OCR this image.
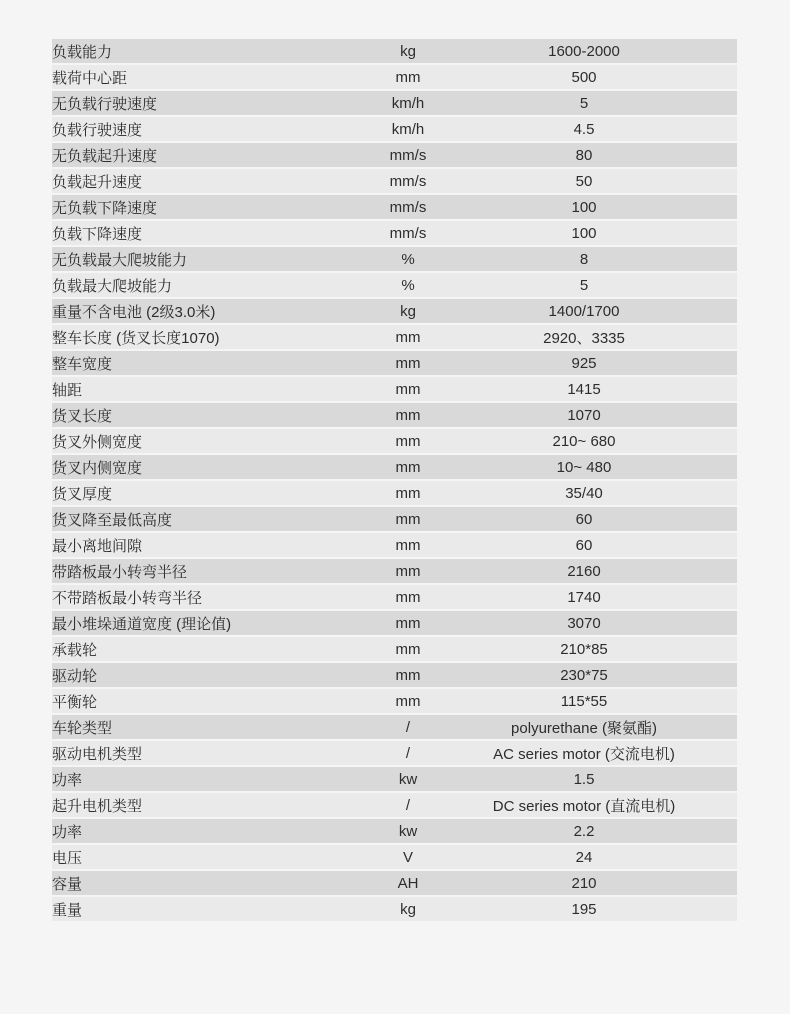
负载能力	kg	1600-2000
载荷中心距	mm	500
无负载行驶速度	km/h	5
负载行驶速度	km/h	4.5
无负载起升速度	mm/s	80
负载起升速度	mm/s	50
无负载下降速度	mm/s	100
负载下降速度	mm/s	100
无负载最大爬坡能力	%	8
负载最大爬坡能力	%	5
重量不含电池 (2级3.0米)	kg	1400/1700
整车长度 (货叉长度1070)	mm	2920、3335
整车宽度	mm	925
轴距	mm	1415
货叉长度	mm	1070
货叉外侧宽度	mm	210~ 680
货叉内侧宽度	mm	10~ 480
货叉厚度	mm	35/40
货叉降至最低高度	mm	60
最小离地间隙	mm	60
带踏板最小转弯半径	mm	2160
不带踏板最小转弯半径	mm	1740
最小堆垛通道宽度 (理论值)	mm	3070
承载轮	mm	210*85
驱动轮	mm	230*75
平衡轮	mm	115*55
车轮类型	/	polyurethane (聚氨酯)
驱动电机类型	/	AC series motor (交流电机)
功率	kw	1.5
起升电机类型	/	DC series motor (直流电机)
功率	kw	2.2
电压	V	24
容量	AH	210
重量	kg	195
